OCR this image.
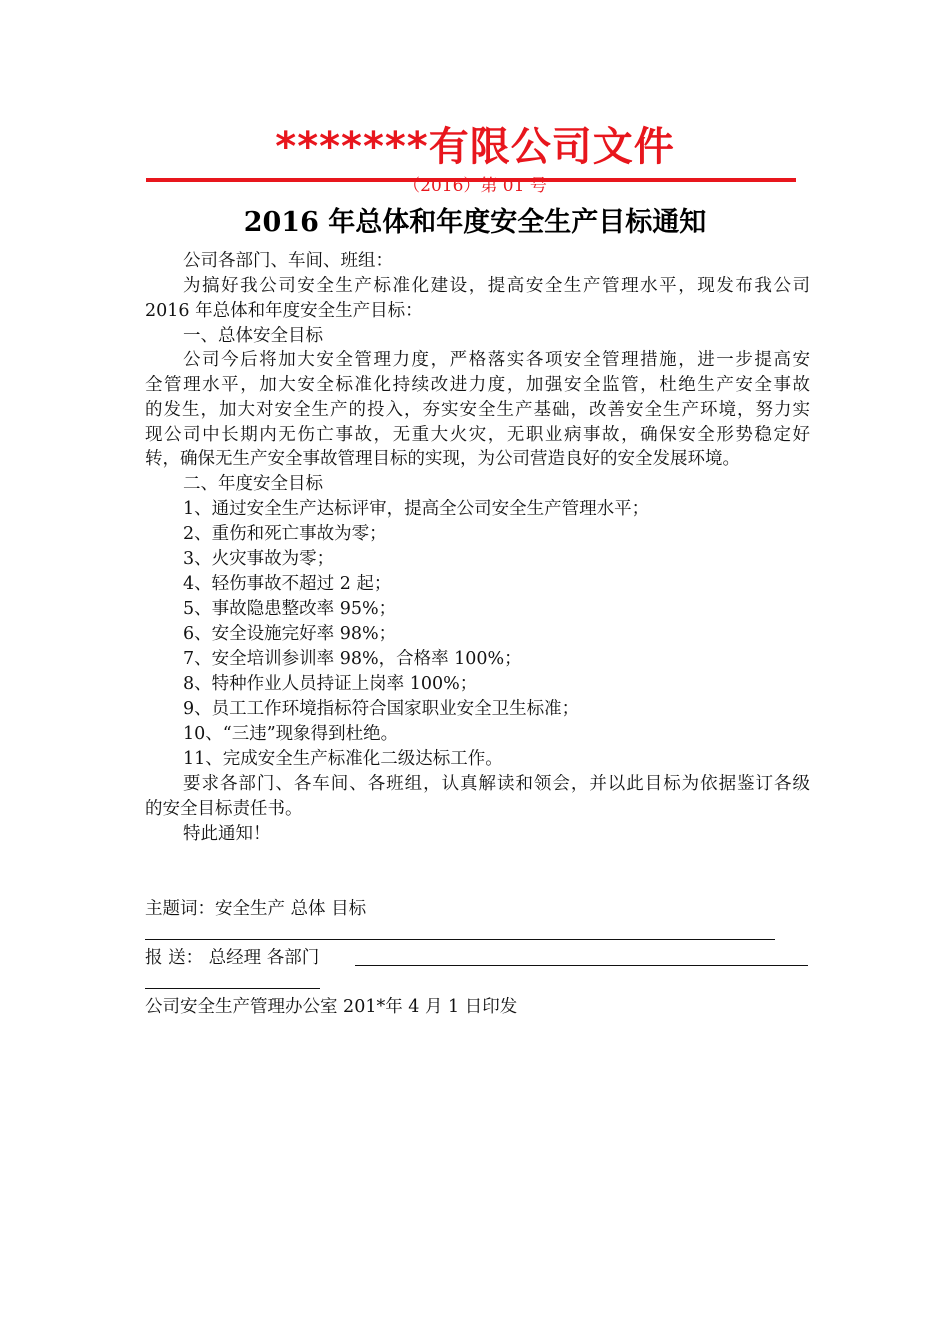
*******有限公司文件
（2016）第 01 号
2016 年总体和年度安全生产目标通知
公司各部门、车间、班组：
为搞好我公司安全生产标准化建设，提高安全生产管理水平，现发布我公司
2016 年总体和年度安全生产目标：
一、总体安全目标
公司今后将加大安全管理力度，严格落实各项安全管理措施，进一步提高安
全管理水平，加大安全标准化持续改进力度，加强安全监管，杜绝生产安全事故
的发生，加大对安全生产的投入，夯实安全生产基础，改善安全生产环境，努力实
现公司中长期内无伤亡事故，无重大火灾，无职业病事故，确保安全形势稳定好
转，确保无生产安全事故管理目标的实现，为公司营造良好的安全发展环境。
二、年度安全目标
1、通过安全生产达标评审，提高全公司安全生产管理水平；
2、重伤和死亡事故为零；
3、火灾事故为零；
4、轻伤事故不超过 2 起；
5、事故隐患整改率 95%；
6、安全设施完好率 98%；
7、安全培训参训率 98%，合格率 100%；
8、特种作业人员持证上岗率 100%；
9、员工工作环境指标符合国家职业安全卫生标准；
10、“三违”现象得到杜绝。
11、完成安全生产标准化二级达标工作。
要求各部门、各车间、各班组，认真解读和领会，并以此目标为依据鉴订各级
的安全目标责任书。
特此通知！
主题词：安全生产 总体 目标
报 送： 总经理 各部门
公司安全生产管理办公室 201*年 4 月 1 日印发
